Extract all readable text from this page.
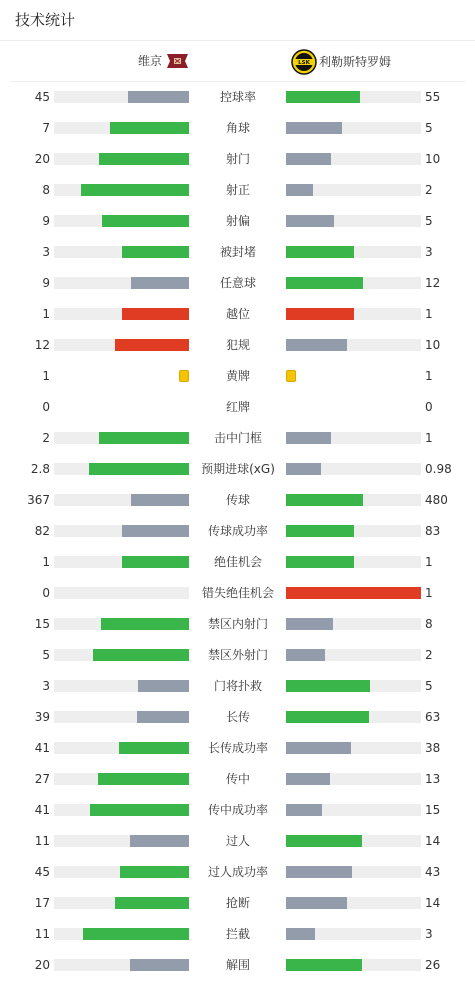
技术统计
维京	LSK 利勒斯特罗姆
45	控球率	55
7	角球	5
20	射门	10
8	射正	2
9	射偏	5
3	被封堵	3
9	任意球	12
1	越位	1
12	犯规	10
1	黄牌	1
0	红牌	0
2	击中门框	1
2.8	预期进球(xG)	0.98
367	传球	480
82	传球成功率	83
1	绝佳机会	1
0	错失绝佳机会	1
15	禁区内射门	8
5	禁区外射门	2
3	门将扑救	5
39	长传	63
41	长传成功率	38
27	传中	13
41	传中成功率	15
11	过人	14
45	过人成功率	43
17	抢断	14
11	拦截	3
20	解围	26
